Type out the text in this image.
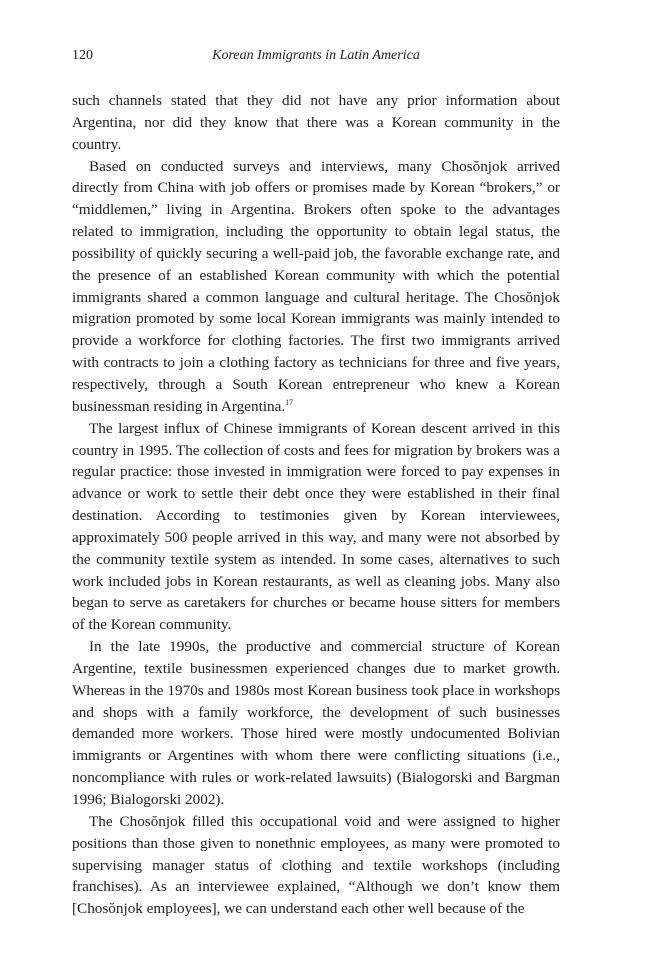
120	Korean Immigrants in Latin America

such channels stated that they did not have any prior information about Argentina, nor did they know that there was a Korean community in the country.

Based on conducted surveys and interviews, many Chosŏnjok arrived directly from China with job offers or promises made by Korean “brokers,” or “middlemen,” living in Argentina. Brokers often spoke to the advantages related to immigration, including the opportunity to obtain legal status, the possibility of quickly securing a well-paid job, the favorable exchange rate, and the presence of an established Korean community with which the potential immigrants shared a common language and cultural heritage. The Chosŏnjok migration promoted by some local Korean immigrants was mainly intended to provide a workforce for clothing factories. The first two immigrants arrived with contracts to join a clothing factory as technicians for three and five years, respectively, through a South Korean entrepreneur who knew a Korean businessman residing in Argentina.$^{17}$

The largest influx of Chinese immigrants of Korean descent arrived in this country in 1995. The collection of costs and fees for migration by brokers was a regular practice: those invested in immigration were forced to pay expenses in advance or work to settle their debt once they were established in their final destination. According to testimonies given by Korean interviewees, approximately 500 people arrived in this way, and many were not absorbed by the community textile system as intended. In some cases, alternatives to such work included jobs in Korean restaurants, as well as cleaning jobs. Many also began to serve as caretakers for churches or became house sitters for members of the Korean community.

In the late 1990s, the productive and commercial structure of Korean Argentine, textile businessmen experienced changes due to market growth. Whereas in the 1970s and 1980s most Korean business took place in workshops and shops with a family workforce, the development of such businesses demanded more workers. Those hired were mostly undocumented Bolivian immigrants or Argentines with whom there were conflicting situations (i.e., noncompliance with rules or work-related lawsuits) (Bialogorski and Bargman 1996; Bialogorski 2002).

The Chosŏnjok filled this occupational void and were assigned to higher positions than those given to nonethnic employees, as many were promoted to supervising manager status of clothing and textile workshops (including franchises). As an interviewee explained, “Although we don’t know them [Chosŏnjok employees], we can understand each other well because of the
